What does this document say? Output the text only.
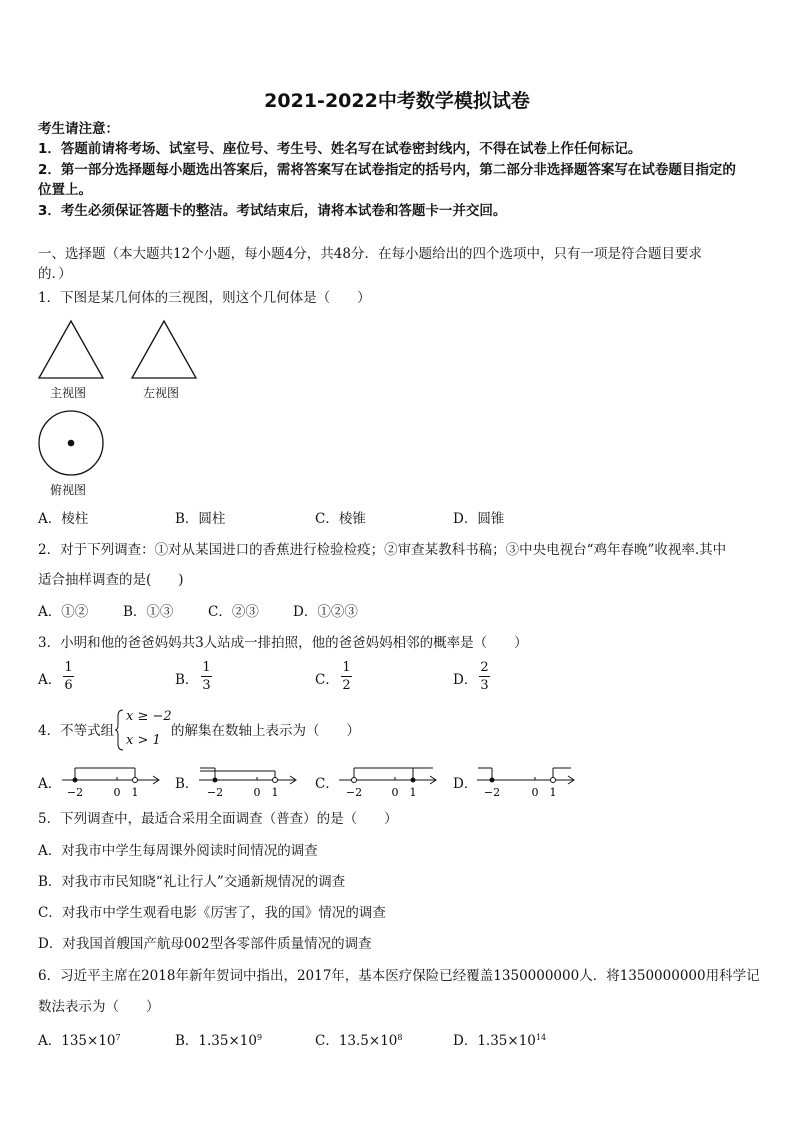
2021-2022中考数学模拟试卷
考生请注意：
1．答题前请将考场、试室号、座位号、考生号、姓名写在试卷密封线内，不得在试卷上作任何标记。
2．第一部分选择题每小题选出答案后，需将答案写在试卷指定的括号内，第二部分非选择题答案写在试卷题目指定的
位置上。
3．考生必须保证答题卡的整洁。考试结束后，请将本试卷和答题卡一并交回。
一、选择题（本大题共12个小题，每小题4分，共48分．在每小题给出的四个选项中，只有一项是符合题目要求
的．）
1．下图是某几何体的三视图，则这个几何体是（　　）
主视图	左视图
俯视图
A．棱柱	B．圆柱	C．棱锥	D．圆锥
2．对于下列调查：①对从某国进口的香蕉进行检验检疫；②审查某教科书稿；③中央电视台“鸡年春晚”收视率.其中
适合抽样调查的是(　　)
A．①②	B．①③	C．②③	D．①②③
3．小明和他的爸爸妈妈共3人站成一排拍照，他的爸爸妈妈相邻的概率是（　　）
A．
1
6	B．
1
3	C．
1
2	D．
2
3
4．不等式组
x ≥ −2
x > 1
的解集在数轴上表示为（　　）
A．
−2	0 1
B．
−2	0 1
C．
−2	0 1
D．
−2	0 1
5．下列调查中，最适合采用全面调查（普查）的是（　　）
A．对我市中学生每周课外阅读时间情况的调查
B．对我市市民知晓“礼让行人”交通新规情况的调查
C．对我市中学生观看电影《厉害了，我的国》情况的调查
D．对我国首艘国产航母002型各零部件质量情况的调查
6．习近平主席在2018年新年贺词中指出，2017年，基本医疗保险已经覆盖1350000000人．将1350000000用科学记
数法表示为（　　）
A．$135\times 10^7$	B．$1.35\times 10^9$	C．$13.5\times 10^8$	D．$1.35\times 10^{14}$
